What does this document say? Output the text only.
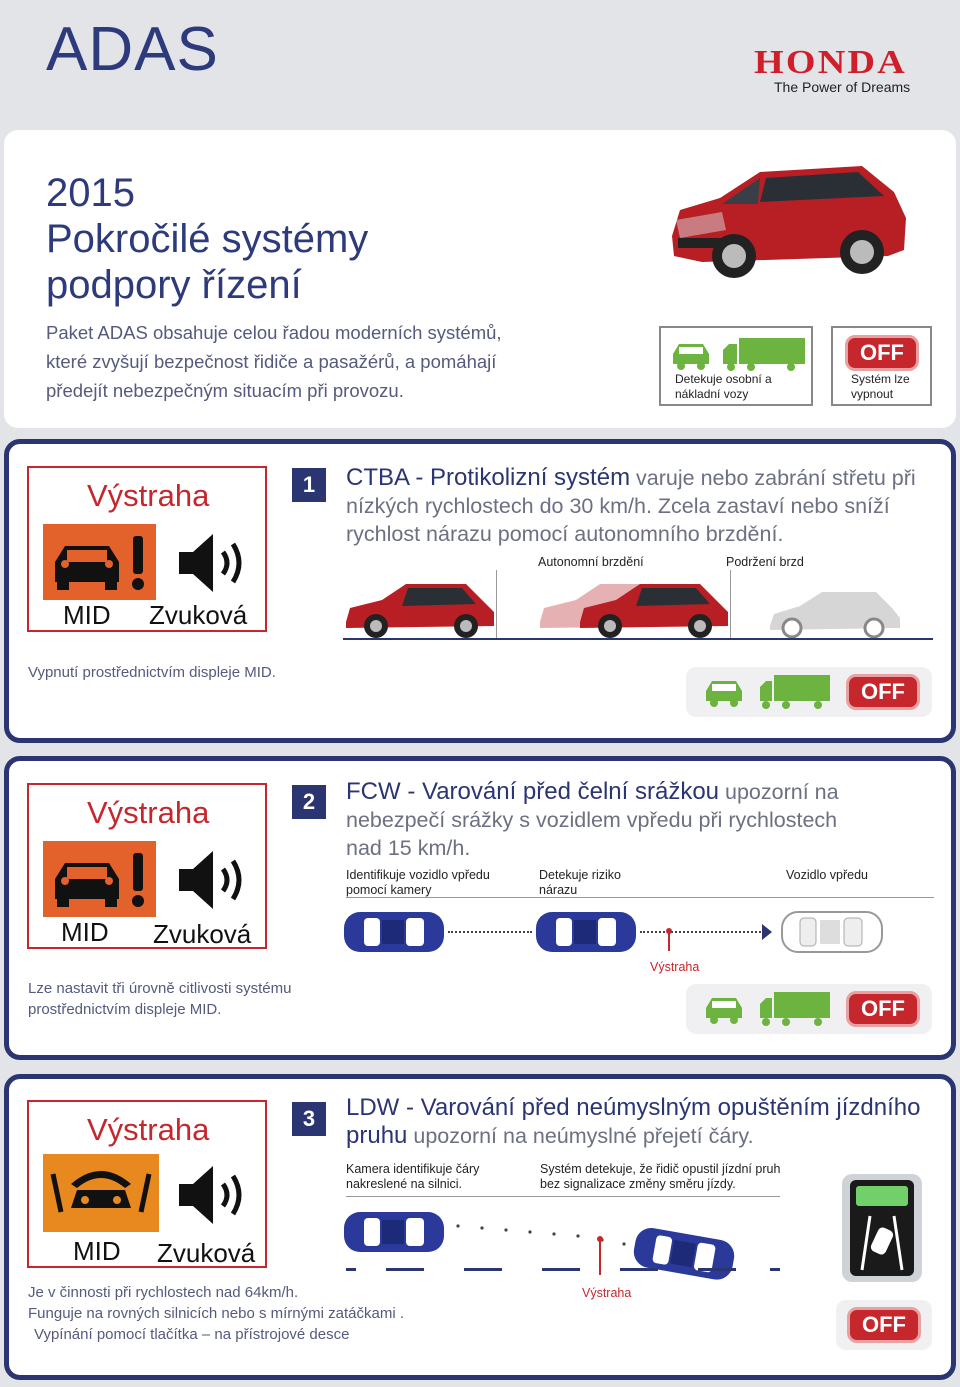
ADAS	HONDA
The Power of Dreams
2015
Pokročilé systémy
podpory řízení
Paket ADAS obsahuje celou řadou moderních systémů, které zvyšují bezpečnost řidiče a pasažérů, a pomáhají předejít nebezpečným situacím při provozu.
Detekuje osobní a nákladní vozy
OFF
Systém lze vypnout
Výstraha
MID Zvuková
1	CTBA - Protikolizní systém varuje nebo zabrání střetu při nízkých rychlostech do 30 km/h. Zcela zastaví nebo sníží rychlost nárazu pomocí autonomního brzdění.
Autonomní brzdění	Podržení brzd
Vypnutí prostřednictvím displeje MID.
OFF
Výstraha
MID Zvuková
2	FCW - Varování před čelní srážkou upozorní na nebezpečí srážky s vozidlem vpředu při rychlostech nad 15 km/h.
Identifikuje vozidlo vpředu pomocí kamery
Detekuje riziko nárazu
Vozidlo vpředu
Výstraha
Lze nastavit tři úrovně citlivosti systému
prostřednictvím displeje MID.	OFF
Výstraha
MID Zvuková
3	LDW - Varování před neúmyslným opuštěním jízdního
pruhu upozorní na neúmyslné přejetí čáry.
Kamera identifikuje čáry nakreslené na silnici.
Systém detekuje, že řidič opustil jízdní pruh bez signalizace změny směru jízdy.
Výstraha
Je v činnosti při rychlostech nad 64km/h.
Funguje na rovných silnicích nebo s mírnými zatáčkami .
Vypínání pomocí tlačítka – na přístrojové desce	OFF
